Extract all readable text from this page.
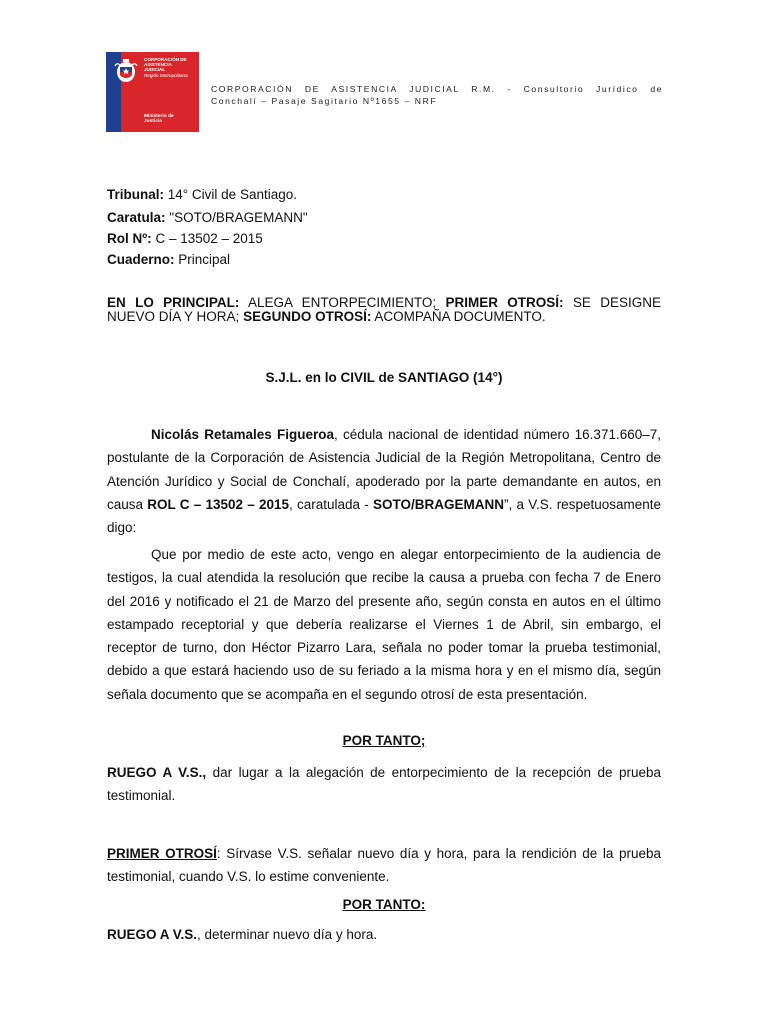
CORPORACIÓN DE
ASISTENCIA
JUDICIAL
Región Metropolitana
Ministerio de
Justicia
CORPORACIÓN DE ASISTENCIA JUDICIAL R.M. - Consultorio Jurídico de
Conchalí – Pasaje Sagitario Nº1655 – NRF
Tribunal: 14° Civil de Santiago.
Caratula: "SOTO/BRAGEMANN"
Rol Nº: C – 13502 – 2015
Cuaderno: Principal
EN LO PRINCIPAL: ALEGA ENTORPECIMIENTO; PRIMER OTROSÍ: SE DESIGNE NUEVO DÍA Y HORA; SEGUNDO OTROSÍ: ACOMPAÑA DOCUMENTO.
S.J.L. en lo CIVIL de SANTIAGO (14°)
Nicolás Retamales Figueroa, cédula nacional de identidad número 16.371.660–7, postulante de la Corporación de Asistencia Judicial de la Región Metropolitana, Centro de Atención Jurídico y Social de Conchalí, apoderado por la parte demandante en autos, en causa ROL C – 13502 – 2015, caratulada - SOTO/BRAGEMANN”, a V.S. respetuosamente digo:
Que por medio de este acto, vengo en alegar entorpecimiento de la audiencia de testigos, la cual atendida la resolución que recibe la causa a prueba con fecha 7 de Enero del 2016 y notificado el 21 de Marzo del presente año, según consta en autos en el último estampado receptorial y que debería realizarse el Viernes 1 de Abril, sin embargo, el receptor de turno, don Héctor Pizarro Lara, señala no poder tomar la prueba testimonial, debido a que estará haciendo uso de su feriado a la misma hora y en el mismo día, según señala documento que se acompaña en el segundo otrosí de esta presentación.
POR TANTO;
RUEGO A V.S., dar lugar a la alegación de entorpecimiento de la recepción de prueba testimonial.
PRIMER OTROSÍ: Sírvase V.S. señalar nuevo día y hora, para la rendición de la prueba testimonial, cuando V.S. lo estime conveniente.
POR TANTO:
RUEGO A V.S., determinar nuevo día y hora.
